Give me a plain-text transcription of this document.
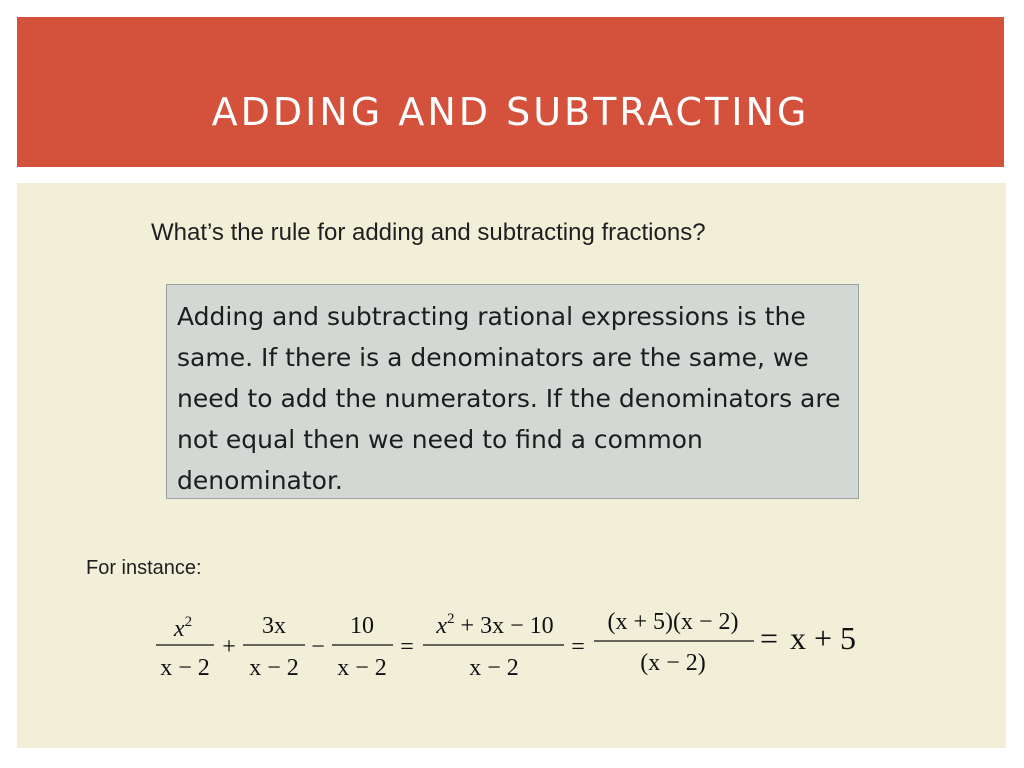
ADDING AND SUBTRACTING
What’s the rule for adding and subtracting fractions?

Adding and subtracting rational expressions is the same. If there is a denominators are the same, we need to add the numerators. If the denominators are not equal then we need to find a common denominator.

For instance:
$x^2$
x − 2
+
3x
x − 2
−
10
x − 2
=
$x^2 + 3x - 10$
x − 2
=
(x + 5)(x − 2)
(x − 2)
= x + 5
